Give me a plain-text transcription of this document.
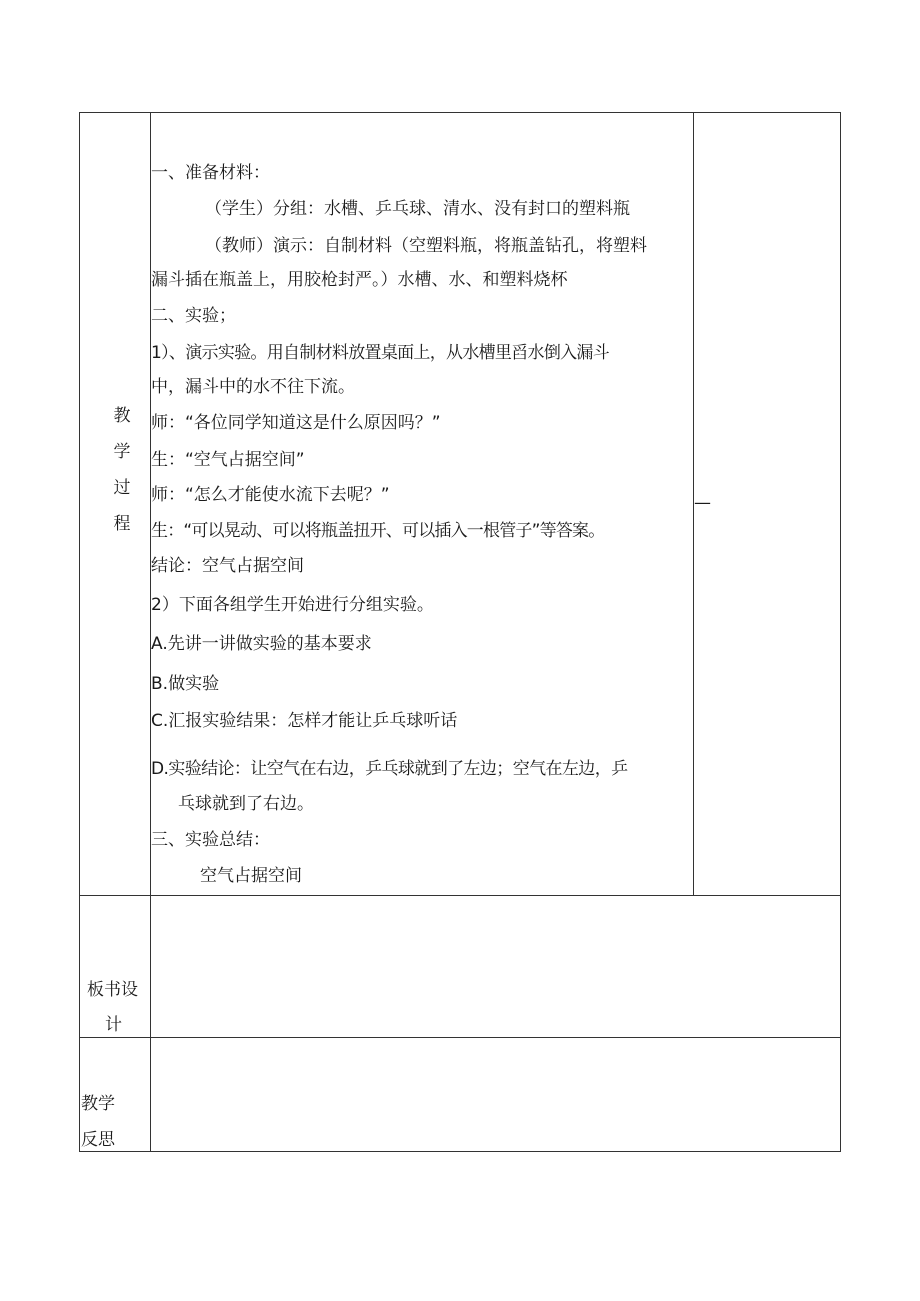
教
学
过
程
一、准备材料：
（学生）分组：水槽、乒乓球、清水、没有封口的塑料瓶
（教师）演示：自制材料（空塑料瓶，将瓶盖钻孔，将塑料
漏斗插在瓶盖上，用胶枪封严。）水槽、水、和塑料烧杯
二、实验；
1）、演示实验。用自制材料放置桌面上，从水槽里舀水倒入漏斗
中，漏斗中的水不往下流。
师：“各位同学知道这是什么原因吗？”
生：“空气占据空间”
师：“怎么才能使水流下去呢？”
生：“可以晃动、可以将瓶盖扭开、可以插入一根管子”等答案。
结论：空气占据空间
2）下面各组学生开始进行分组实验。
A.先讲一讲做实验的基本要求
B.做实验
C.汇报实验结果：怎样才能让乒乓球听话
D.实验结论：让空气在右边，乒乓球就到了左边；空气在左边，乒
乓球就到了右边。
三、实验总结：
空气占据空间
—
板书设
计
教学
反思
